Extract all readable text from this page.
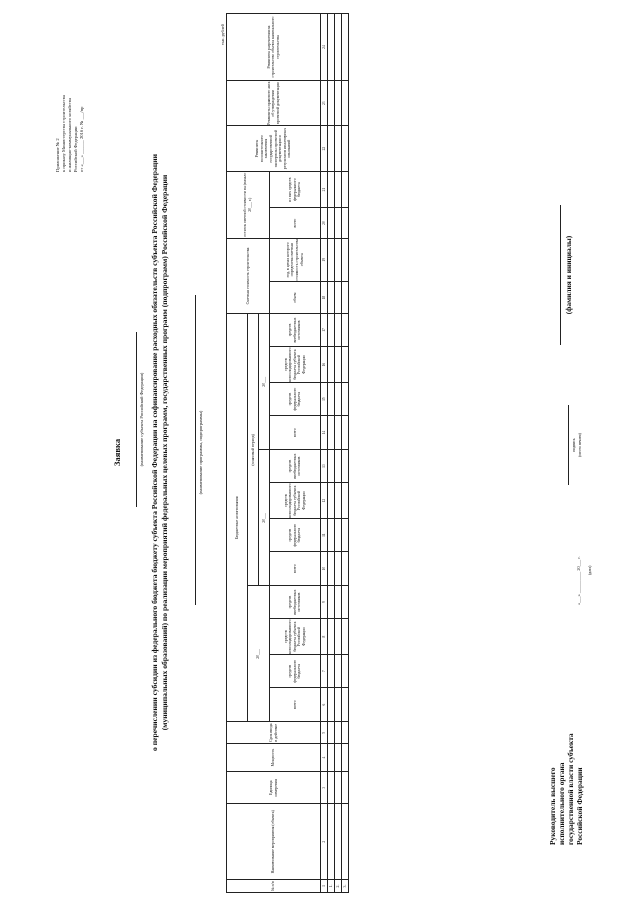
Приложение № 2 к приказу Министерства строительства и жилищно-коммунального хозяйства Российской Федерации от «___» ______ 2016 г. № ___/пр
Заявка	(наименование субъекта Российской Федерации) о перечислении субсидии из федерального бюджета бюджету субъекта Российской Федерации на софинансирование расходных обязательств субъекта Российской Федерации (муниципальных образований) по реализации мероприятий федеральных целевых программ, государственных программ (подпрограмм) Российской Федерации	(наименование программы, подпрограммы)
тыс. рублей
№ п/п	Наименование мероприятия (объекта)	Единица измерения	Мощность	Срок ввода в действие	Бюджетные ассигнования												Сметная стоимость строительства		остаток сметной стоимости на (начало 20___ г.)		Реквизиты положительного заключения государственной экспертизы проектной документации и результатов инженерных изысканий	Реквизиты правового акта об утверждении проектной документации	Реквизиты разрешения на строительство объекта капитального строительства
					20___				(плановый период)														
									20___				20___										
					всего	средств федерального бюджета	средств консолидированного бюджета субъекта Российской Федерации	средств внебюджетных источников	всего	средств федерального бюджета	средств консолидированного бюджета субъекта Российской Федерации	средств внебюджетных источников	всего	средств федерального бюджета	средств консолидированного бюджета субъекта Российской Федерации	средств внебюджетных источников	объем	год, в ценах которого определена сметная стоимость строительства объекта	всего	из них средств федерального бюджета			
1	2	3	4	5	6	7	8	9	10	11	12	13	14	15	16	17	18	19	20	21	22	23	24
1.																							
2.																							
3.																							
Руководитель высшего исполнительного органа государственной власти субъекта Российской Федерации
«___» __________ 20___ г. (дата)
подпись (место печати)
(фамилия и инициалы)
